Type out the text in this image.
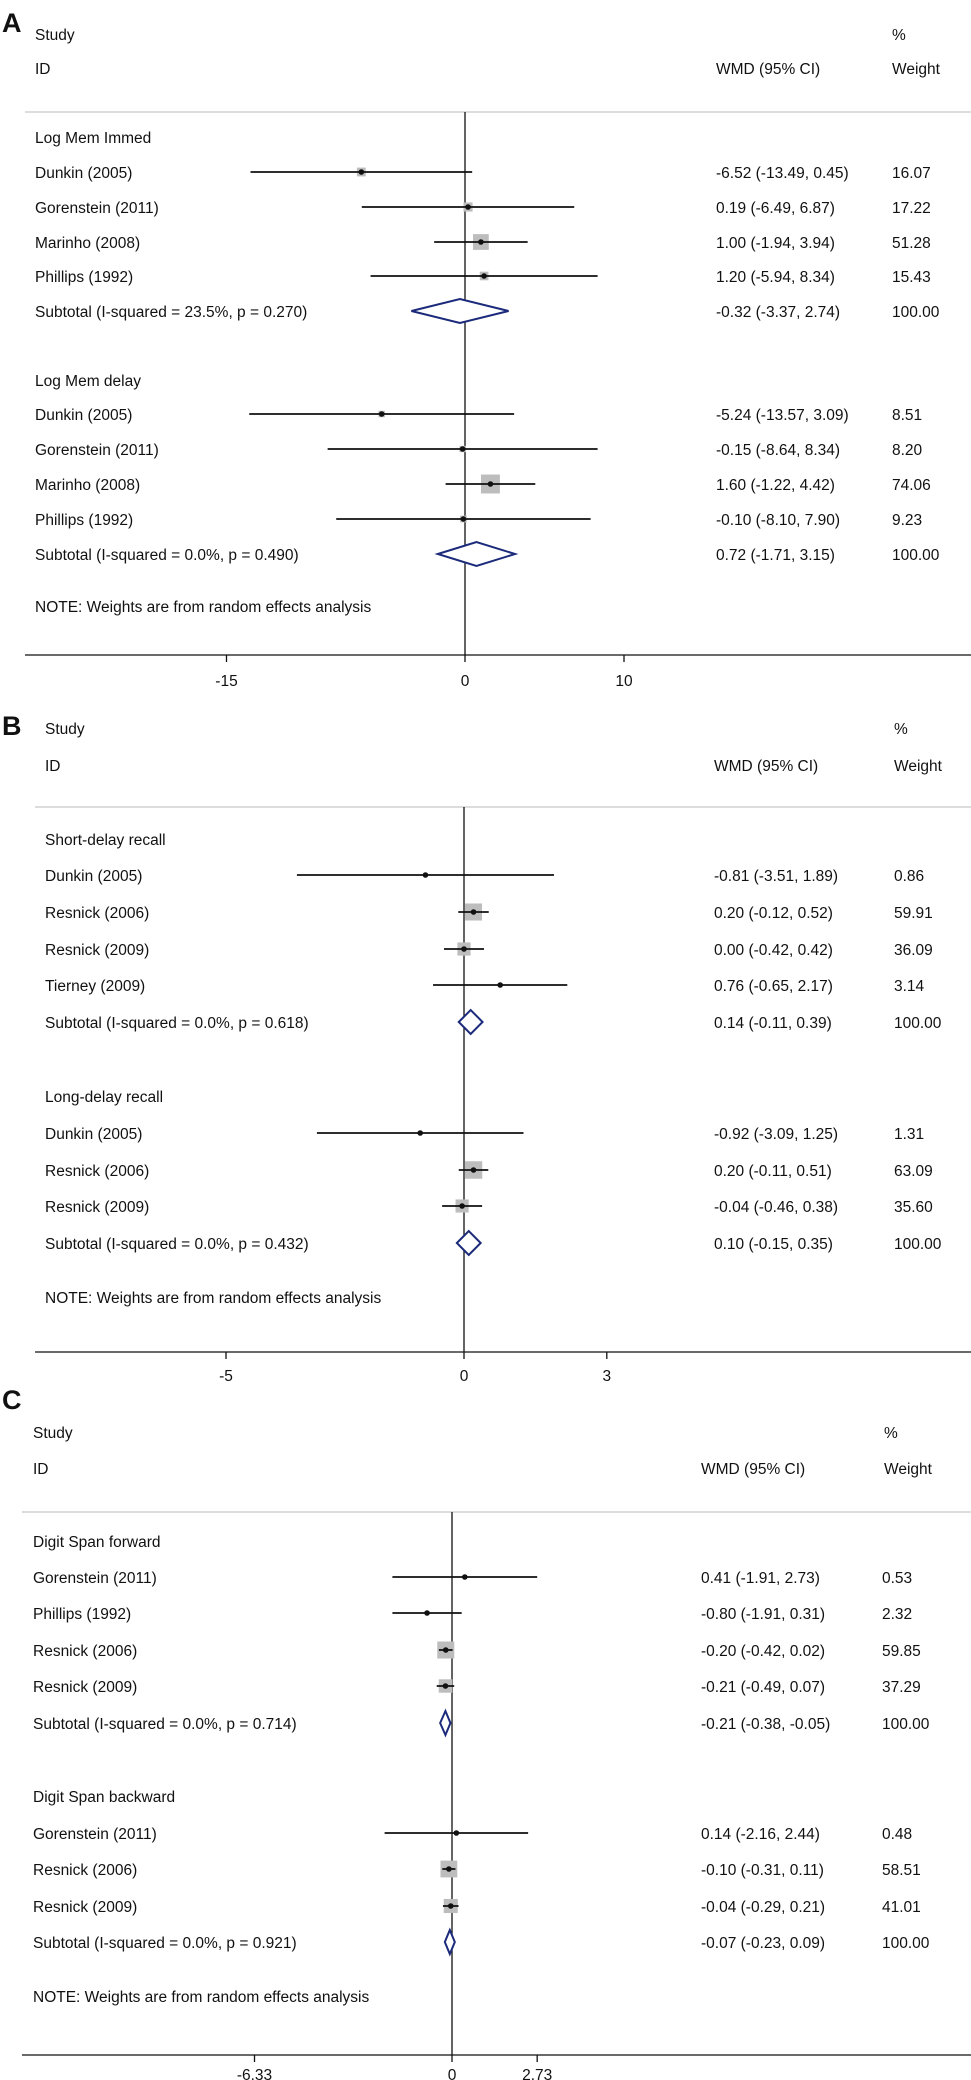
A Study	%
ID	WMD (95% CI)	Weight
Log Mem Immed
Dunkin (2005)	-6.52 (-13.49, 0.45)	16.07
Gorenstein (2011)	0.19 (-6.49, 6.87)	17.22
Marinho (2008)	1.00 (-1.94, 3.94)	51.28
Phillips (1992)	1.20 (-5.94, 8.34)	15.43
Subtotal (I-squared = 23.5%, p = 0.270)	-0.32 (-3.37, 2.74)	100.00
Log Mem delay
Dunkin (2005)	-5.24 (-13.57, 3.09)	8.51
Gorenstein (2011)	-0.15 (-8.64, 8.34)	8.20
Marinho (2008)	1.60 (-1.22, 4.42)	74.06
Phillips (1992)	-0.10 (-8.10, 7.90)	9.23
Subtotal (I-squared = 0.0%, p = 0.490)	0.72 (-1.71, 3.15)	100.00
NOTE: Weights are from random effects analysis
B Study	%
ID	WMD (95% CI)	Weight
Short-delay recall
Dunkin (2005)	-0.81 (-3.51, 1.89)	0.86
Resnick (2006)	0.20 (-0.12, 0.52)	59.91
Resnick (2009)	0.00 (-0.42, 0.42)	36.09
Tierney (2009)	0.76 (-0.65, 2.17)	3.14
Subtotal (I-squared = 0.0%, p = 0.618)	0.14 (-0.11, 0.39)	100.00
Long-delay recall
Dunkin (2005)	-0.92 (-3.09, 1.25)	1.31
Resnick (2006)	0.20 (-0.11, 0.51)	63.09
Resnick (2009)	-0.04 (-0.46, 0.38)	35.60
Subtotal (I-squared = 0.0%, p = 0.432)	0.10 (-0.15, 0.35)	100.00
NOTE: Weights are from random effects analysis
C
Study	%
ID	WMD (95% CI)	Weight
Digit Span forward
Gorenstein (2011)	0.41 (-1.91, 2.73)	0.53
Phillips (1992)	-0.80 (-1.91, 0.31)	2.32
Resnick (2006)	-0.20 (-0.42, 0.02)	59.85
Resnick (2009)	-0.21 (-0.49, 0.07)	37.29
Subtotal (I-squared = 0.0%, p = 0.714)	-0.21 (-0.38, -0.05)	100.00
Digit Span backward
Gorenstein (2011)	0.14 (-2.16, 2.44)	0.48
Resnick (2006)	-0.10 (-0.31, 0.11)	58.51
Resnick (2009)	-0.04 (-0.29, 0.21)	41.01
Subtotal (I-squared = 0.0%, p = 0.921)	-0.07 (-0.23, 0.09)	100.00
NOTE: Weights are from random effects analysis
-15	0	10
-5	0	3
-6.33	0	2.73
